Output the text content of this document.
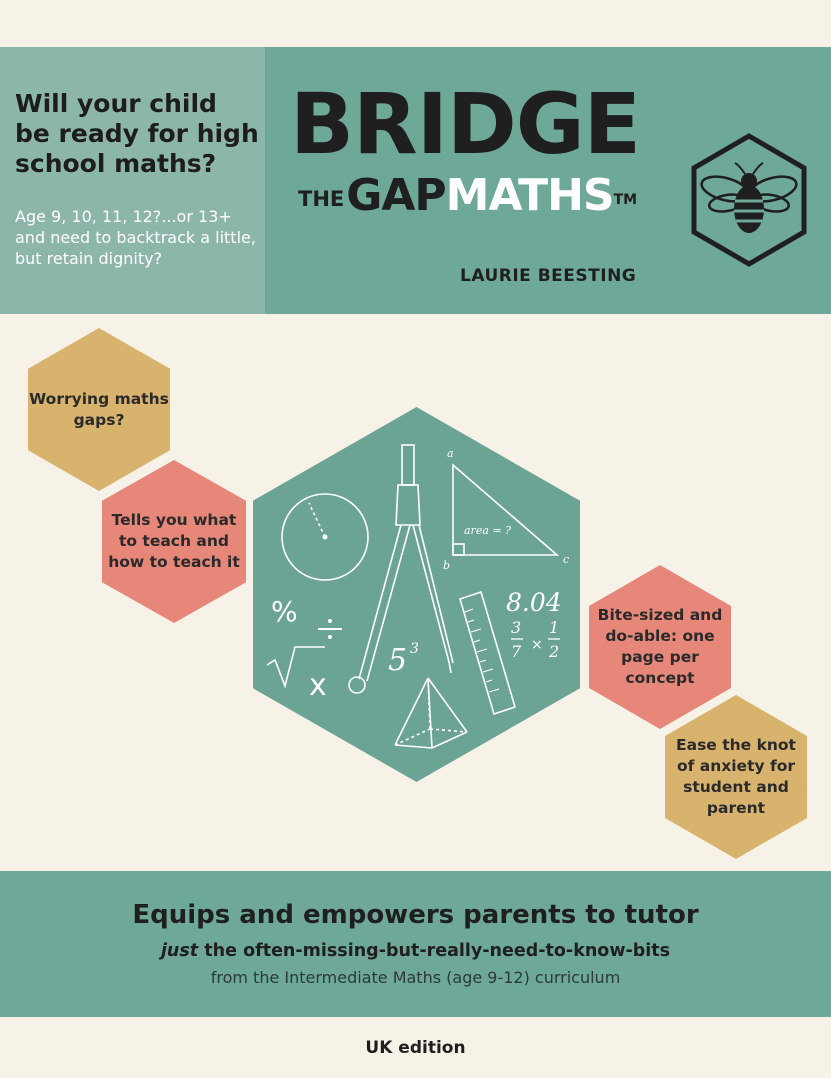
Will your child be ready for high school maths?
Age 9, 10, 11, 12?...or 13+ and need to backtrack a little, but retain dignity?
BRIDGE
THEGAPMATHSTM
LAURIE BEESTING
Worrying maths gaps?
Tells you what to teach and how to teach it
Bite-sized and do-able: one page per concept
Ease the knot of anxiety for student and parent
%
x
5 3
8.04
3
7 ×
1
2
a
b	c
area = ?
Equips and empowers parents to tutor
just the often-missing-but-really-need-to-know-bits
from the Intermediate Maths (age 9-12) curriculum
UK edition
